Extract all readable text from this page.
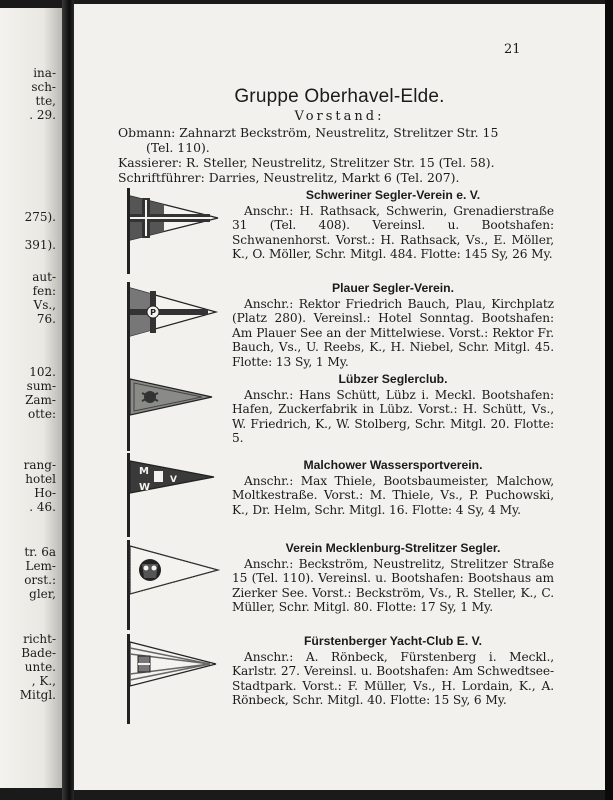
ina-
sch-
tte,
. 29.
275).
391).
aut-
fen:
Vs.,
76.
102.
sum-
Zam-
otte:
rang-
hotel
Ho-
. 46.
tr. 6a
Lem-
orst.:
gler,
richt-
Bade-
unte.
, K.,
Mitgl.
21
Gruppe Oberhavel-Elde.
Vorstand:
Obmann: Zahnarzt Beckström, Neustrelitz, Strelitzer Str. 15
(Tel. 110).
Kassierer: R. Steller, Neustrelitz, Strelitzer Str. 15 (Tel. 58).
Schriftführer: Darries, Neustrelitz, Markt 6 (Tel. 207).
Schweriner Segler-Verein e. V.
Anschr.: H. Rathsack, Schwerin, Grenadierstraße 31 (Tel. 408). Vereinsl. u. Bootshafen: Schwanenhorst. Vorst.: H. Rathsack, Vs., E. Möller, K., O. Möller, Schr. Mitgl. 484. Flotte: 145 Sy, 26 My.
P
Plauer Segler-Verein.
Anschr.: Rektor Friedrich Bauch, Plau, Kirchplatz (Platz 280). Vereinsl.: Hotel Sonntag. Bootshafen: Am Plauer See an der Mittelwiese. Vorst.: Rektor Fr. Bauch, Vs., U. Reebs, K., H. Niebel, Schr. Mitgl. 45. Flotte: 13 Sy, 1 My.
Lübzer Seglerclub.
Anschr.: Hans Schütt, Lübz i. Meckl. Bootshafen: Hafen, Zuckerfabrik in Lübz. Vorst.: H. Schütt, Vs., W. Friedrich, K., W. Stolberg, Schr. Mitgl. 20. Flotte: 5.
M
W
V
Malchower Wassersportverein.
Anschr.: Max Thiele, Bootsbaumeister, Malchow, Moltkestraße. Vorst.: M. Thiele, Vs., P. Puchowski, K., Dr. Helm, Schr. Mitgl. 16. Flotte: 4 Sy, 4 My.
Verein Mecklenburg-Strelitzer Segler.
Anschr.: Beckström, Neustrelitz, Strelitzer Straße 15 (Tel. 110). Vereinsl. u. Bootshafen: Bootshaus am Zierker See. Vorst.: Beckström, Vs., R. Steller, K., C. Müller, Schr. Mitgl. 80. Flotte: 17 Sy, 1 My.
Fürstenberger Yacht-Club E. V.
Anschr.: A. Rönbeck, Fürstenberg i. Meckl., Karlstr. 27. Vereinsl. u. Bootshafen: Am Schwedtsee-Stadtpark. Vorst.: F. Müller, Vs., H. Lordain, K., A. Rönbeck, Schr. Mitgl. 40. Flotte: 15 Sy, 6 My.
